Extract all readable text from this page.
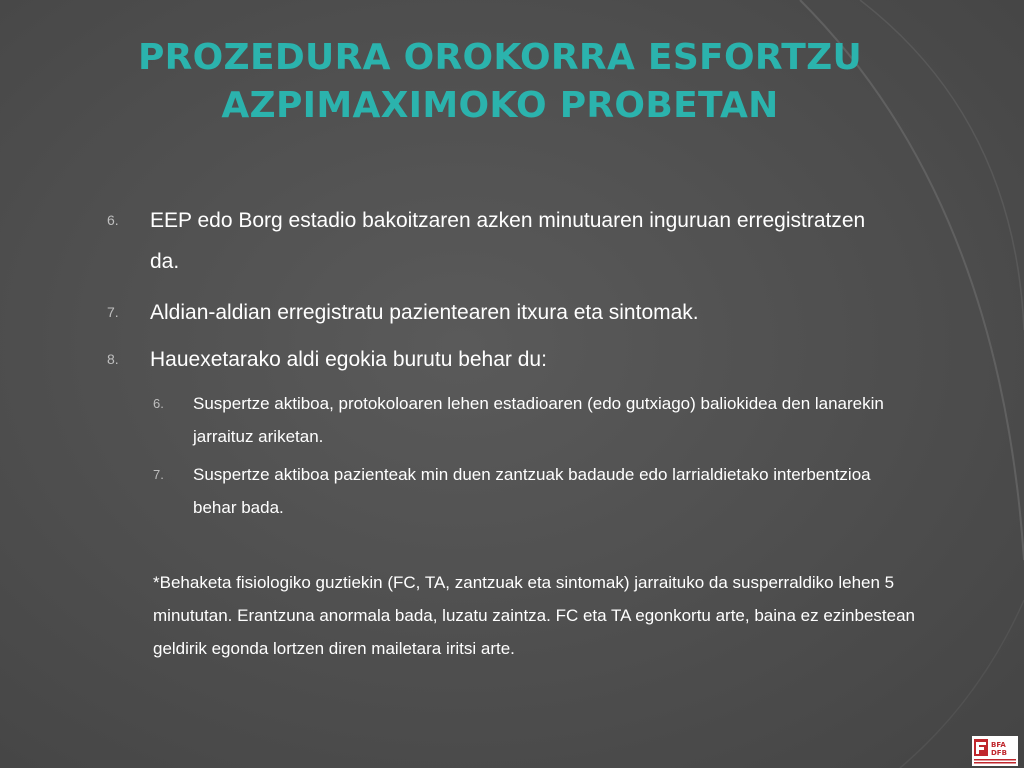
PROZEDURA OROKORRA ESFORTZU AZPIMAXIMOKO PROBETAN
6. EEP edo Borg estadio bakoitzaren azken minutuaren inguruan erregistratzen da.
7. Aldian-aldian erregistratu pazientearen itxura eta sintomak.
8. Hauexetarako aldi egokia burutu behar du:
6. Suspertze aktiboa, protokoloaren lehen estadioaren (edo gutxiago) baliokidea den lanarekin jarraituz ariketan.
7. Suspertze aktiboa pazienteak min duen zantzuak badaude edo larrialdietako interbentzioa behar bada.
*Behaketa fisiologiko guztiekin (FC, TA, zantzuak eta sintomak) jarraituko da susperraldiko lehen 5 minututan. Erantzuna anormala bada, luzatu zaintza. FC eta TA egonkortu arte, baina ez ezinbestean geldirik egonda lortzen diren mailetara iritsi arte.
BFA
DFB
